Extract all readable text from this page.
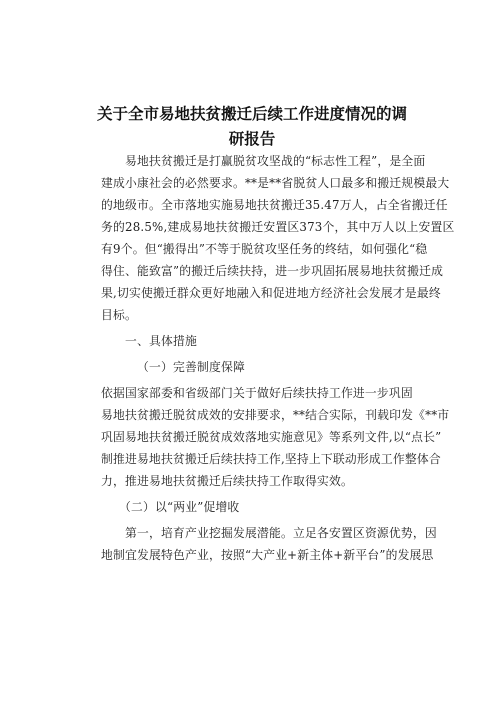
关于全市易地扶贫搬迁后续工作进度情况的调
研报告
易地扶贫搬迁是打赢脱贫攻坚战的“标志性工程”，是全面
建成小康社会的必然要求。**是**省脱贫人口最多和搬迁规模最大
的地级市。全市落地实施易地扶贫搬迁35.47万人，占全省搬迁任
务的28.5%,建成易地扶贫搬迁安置区373个，其中万人以上安置区
有9个。但“搬得出”不等于脱贫攻坚任务的终结，如何强化“稳
得住、能致富”的搬迁后续扶持，进一步巩固拓展易地扶贫搬迁成
果,切实使搬迁群众更好地融入和促进地方经济社会发展才是最终
目标。
一、具体措施
（一）完善制度保障
依据国家部委和省级部门关于做好后续扶持工作进一步巩固
易地扶贫搬迁脱贫成效的安排要求，**结合实际，刊载印发《**市
巩固易地扶贫搬迁脱贫成效落地实施意见》等系列文件,以“点长”
制推进易地扶贫搬迁后续扶持工作,坚持上下联动形成工作整体合
力，推进易地扶贫搬迁后续扶持工作取得实效。
（二）以“两业”促增收
第一，培育产业挖掘发展潜能。立足各安置区资源优势，因
地制宜发展特色产业，按照“大产业+新主体+新平台”的发展思
